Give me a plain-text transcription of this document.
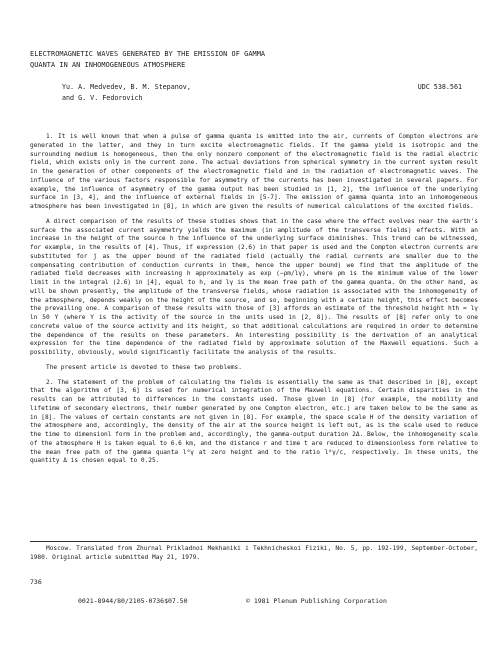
ELECTROMAGNETIC WAVES GENERATED BY THE EMISSION OF GAMMA
QUANTA IN AN INHOMOGENEOUS ATMOSPHERE
Yu. A. Medvedev, B. M. Stepanov,
and G. V. Fedorovich
UDC 538.561

1. It is well known that when a pulse of gamma quanta is emitted into the air, currents of Compton electrons are generated in the latter, and they in turn excite electromagnetic fields. If the gamma yield is isotropic and the surrounding medium is homogeneous, then the only nonzero component of the electromagnetic field is the radial electric field, which exists only in the current zone. The actual deviations from spherical symmetry in the current system result in the generation of other components of the electromagnetic field and in the radiation of electromagnetic waves. The influence of the various factors responsible for asymmetry of the currents has been investigated in several papers. For example, the influence of asymmetry of the gamma output has been studied in [1, 2], the influence of the underlying surface in [3, 4], and the influence of external fields in [5-7]. The emission of gamma quanta into an inhomogeneous atmosphere has been investigated in [8], in which are given the results of numerical calculations of the excited fields.

A direct comparison of the results of these studies shows that in the case where the effect evolves near the earth's surface the associated current asymmetry yields the maximum (in amplitude of the transverse fields) effects. With an increase in the height of the source h the influence of the underlying surface diminishes. This trend can be witnessed, for example, in the results of [4]. Thus, if expression (2.6) in that paper is used and the Compton electron currents are substituted for j as the upper bound of the radiated field (actually the radial currents are smaller due to the compensating contribution of conduction currents in them, hence the upper bound) we find that the amplitude of the radiated field decreases with increasing h approximately as exp (−ρm/lγ), where ρm is the minimum value of the lower limit in the integral (2.6) in [4], equal to h, and lγ is the mean free path of the gamma quanta. On the other hand, as will be shown presently, the amplitude of the transverse fields, whose radiation is associated with the inhomogeneity of the atmosphere, depends weakly on the height of the source, and so, beginning with a certain height, this effect becomes the prevailing one. A comparison of these results with those of [3] affords an estimate of the threshold height hth ≈ lγ ln 50 Y (where Y is the activity of the source in the units used in [2, 8]). The results of [8] refer only to one concrete value of the source activity and its height, so that additional calculations are required in order to determine the dependence of the results on these parameters. An interesting possibility is the derivation of an analytical expression for the time dependence of the radiated field by approximate solution of the Maxwell equations. Such a possibility, obviously, would significantly facilitate the analysis of the results.

The present article is devoted to these two problems.

2. The statement of the problem of calculating the fields is essentially the same as that described in [8], except that the algorithm of [3, 6] is used for numerical integration of the Maxwell equations. Certain disparities in the results can be attributed to differences in the constants used. Those given in [8] (for example, the mobility and lifetime of secondary electrons, their number generated by one Compton electron, etc.) are taken below to be the same as in [8]. The values of certain constants are not given in [8]. For example, the space scale H of the density variation of the atmosphere and, accordingly, the density of the air at the source height is left out, as is the scale used to reduce the time to dimensionl form in the problem and, accordingly, the gamma-output duration 2Δ. Below, the inhomogeneity scale of the atmosphere H is taken equal to 6.6 km, and the distance r and time t are reduced to dimensionless form relative to the mean free path of the gamma quanta l⁰γ at zero height and to the ratio l⁰γ/c, respectively. In these units, the quantity Δ is chosen equal to 0.25.

Moscow. Translated from Zhurnal Prikladnoi Mekhaniki i Tekhnicheskoi Fiziki, No. 5, pp. 192-199, September-October, 1980. Original article submitted May 21, 1979.
736
0021-8944/80/2105-0736$07.50	© 1981 Plenum Publishing Corporation
